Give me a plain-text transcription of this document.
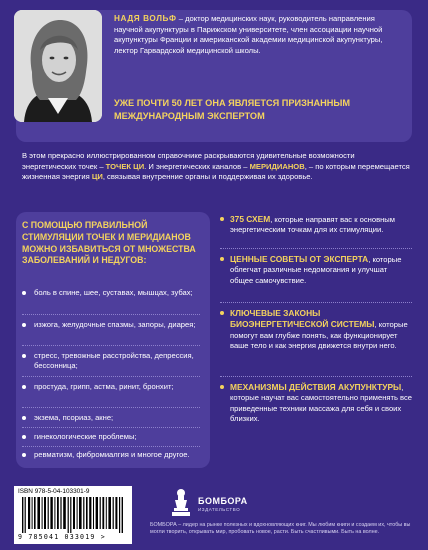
НАДЯ ВОЛЬФ – доктор медицинских наук, руководитель направления научной акупунктуры в Парижском университете, член ассоциации научной акупунктуры Франции и американской академии медицинской акупунктуры, лектор Гарвардской медицинской школы.
УЖЕ ПОЧТИ 50 ЛЕТ ОНА ЯВЛЯЕТСЯ ПРИЗНАННЫМ МЕЖДУНАРОДНЫМ ЭКСПЕРТОМ
В этом прекрасно иллюстрированном справочнике раскрываются удивительные возможности энергетических точек – ТОЧЕК ЦИ. И энергетических каналов – МЕРИДИАНОВ, – по которым перемещается жизненная энергия ЦИ, связывая внутренние органы и поддерживая их здоровье.
С ПОМОЩЬЮ ПРАВИЛЬНОЙ СТИМУЛЯЦИИ ТОЧЕК И МЕРИДИАНОВ МОЖНО ИЗБАВИТЬСЯ ОТ МНОЖЕСТВА ЗАБОЛЕВАНИЙ И НЕДУГОВ:
боль в спине, шее, суставах, мышцах, зубах;
изжога, желудочные спазмы, запоры, диарея;
стресс, тревожные расстройства, депрессия, бессонница;
простуда, грипп, астма, ринит, бронхит;
экзема, псориаз, акне;
гинекологические проблемы;
ревматизм, фибромиалгия и многое другое.
375 СХЕМ, которые направят вас к основным энергетическим точкам для их стимуляции.
ЦЕННЫЕ СОВЕТЫ ОТ ЭКСПЕРТА, которые облегчат различные недомогания и улучшат общее самочувствие.
КЛЮЧЕВЫЕ ЗАКОНЫ БИОЭНЕРГЕТИЧЕСКОЙ СИСТЕМЫ, которые помогут вам глубже понять, как функционирует ваше тело и как энергия движется внутри него.
МЕХАНИЗМЫ ДЕЙСТВИЯ АКУПУНКТУРЫ, которые научат вас самостоятельно применять все приведенные техники массажа для себя и своих близких.
ISBN 978-5-04-103301-9
9 785041 033019 >
БОМБОРА
ИЗДАТЕЛЬСТВО
БОМБОРА – лидер на рынке полезных и вдохновляющих книг. Мы любим книги и создаем их, чтобы вы могли творить, открывать мир, пробовать новое, расти. Быть счастливыми. Быть на волне.
